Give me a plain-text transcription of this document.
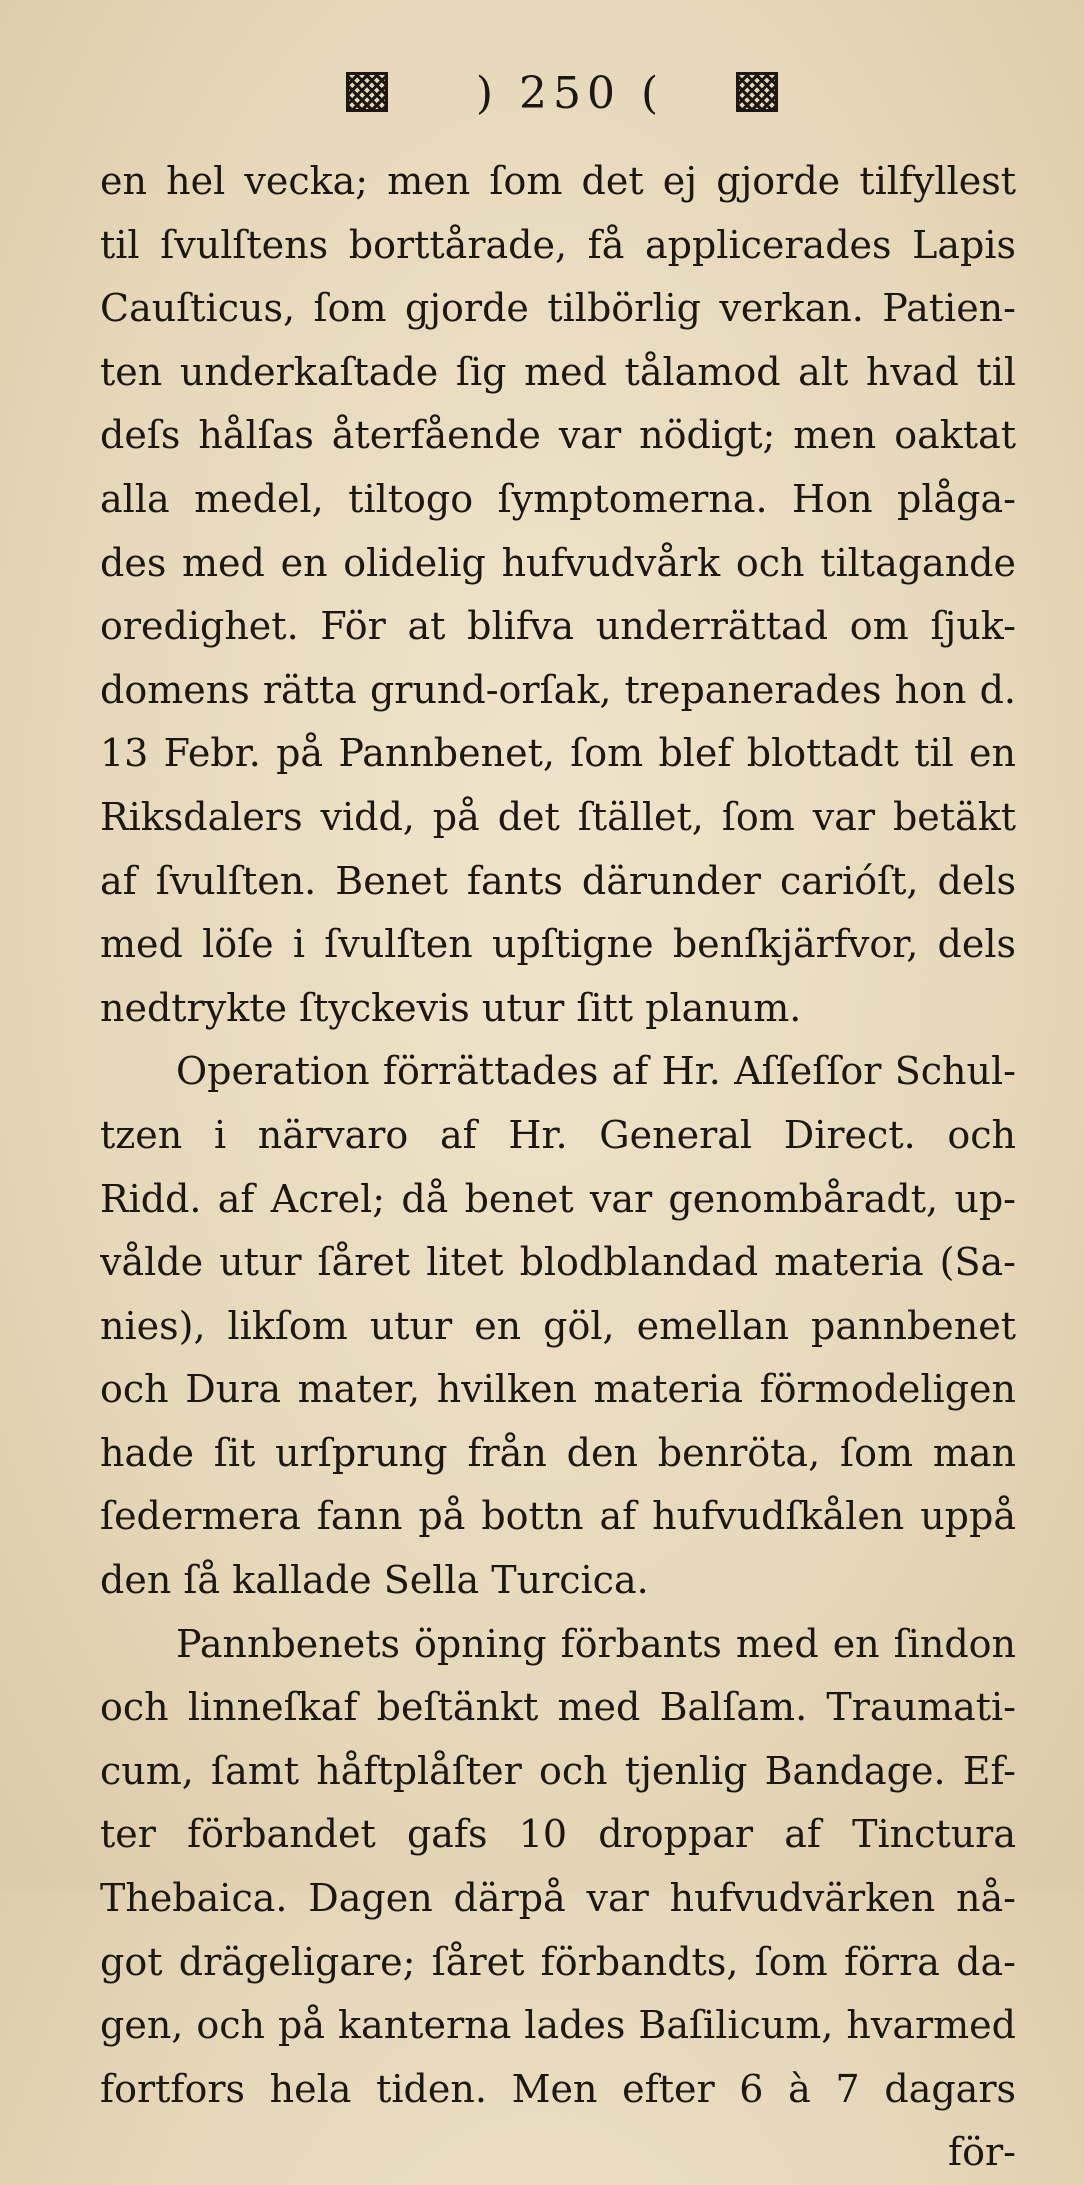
) 250 (
en hel vecka; men ſom det ej gjorde tilfyllest
til ſvulſtens borttårade, få applicerades Lapis
Cauſticus, ſom gjorde tilbörlig verkan. Patien-
ten underkaſtade ſig med tålamod alt hvad til
deſs hålſas återfående var nödigt; men oaktat
alla medel, tiltogo ſymptomerna. Hon plåga-
des med en olidelig hufvudvårk och tiltagande
oredighet. För at blifva underrättad om ſjuk-
domens rätta grund-orſak, trepanerades hon d.
13 Febr. på Pannbenet, ſom blef blottadt til en
Riksdalers vidd, på det ſtället, ſom var betäkt
af ſvulſten. Benet fants därunder carióſt, dels
med löſe i ſvulſten upſtigne benſkjärfvor, dels
nedtrykte ſtyckevis utur ſitt planum.
Operation förrättades af Hr. Aſſeſſor Schul-
tzen i närvaro af Hr. General Direct. och
Ridd. af Acrel; då benet var genombåradt, up-
vålde utur ſåret litet blodblandad materia (Sa-
nies), likſom utur en göl, emellan pannbenet
och Dura mater, hvilken materia förmodeligen
hade ſit urſprung från den benröta, ſom man
ſedermera fann på bottn af hufvudſkålen uppå
den ſå kallade Sella Turcica.
Pannbenets öpning förbants med en ſindon
och linneſkaf beſtänkt med Balſam. Traumati-
cum, ſamt håftplåſter och tjenlig Bandage. Ef-
ter förbandet gafs 10 droppar af Tinctura
Thebaica. Dagen därpå var hufvudvärken nå-
got drägeligare; ſåret förbandts, ſom förra da-
gen, och på kanterna lades Baſilicum, hvarmed
fortfors hela tiden. Men efter 6 à 7 dagars
för-
